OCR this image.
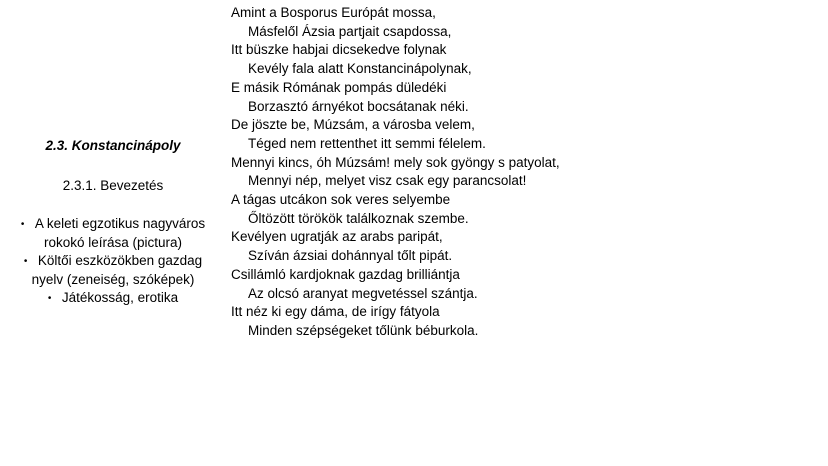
2.3. Konstancinápoly
2.3.1. Bevezetés
• A keleti egzotikus nagyváros
rokokó leírása (pictura)
• Költői eszközökben gazdag
nyelv (zeneiség, szóképek)
• Játékosság, erotika
Amint a Bosporus Európát mossa,
Másfelől Ázsia partjait csapdossa,
Itt büszke habjai dicsekedve folynak
Kevély fala alatt Konstancinápolynak,
E másik Rómának pompás düledéki
Borzasztó árnyékot bocsátanak néki.
De jöszte be, Múzsám, a városba velem,
Téged nem rettenthet itt semmi félelem.
Mennyi kincs, óh Múzsám! mely sok gyöngy s patyolat,
Mennyi nép, melyet visz csak egy parancsolat!
A tágas utcákon sok veres selyembe
Őltözött törökök találkoznak szembe.
Kevélyen ugratják az arabs paripát,
Szíván ázsiai dohánnyal tőlt pipát.
Csillámló kardjoknak gazdag brilliántja
Az olcsó aranyat megvetéssel szántja.
Itt néz ki egy dáma, de irígy fátyola
Minden szépségeket tőlünk béburkola.
